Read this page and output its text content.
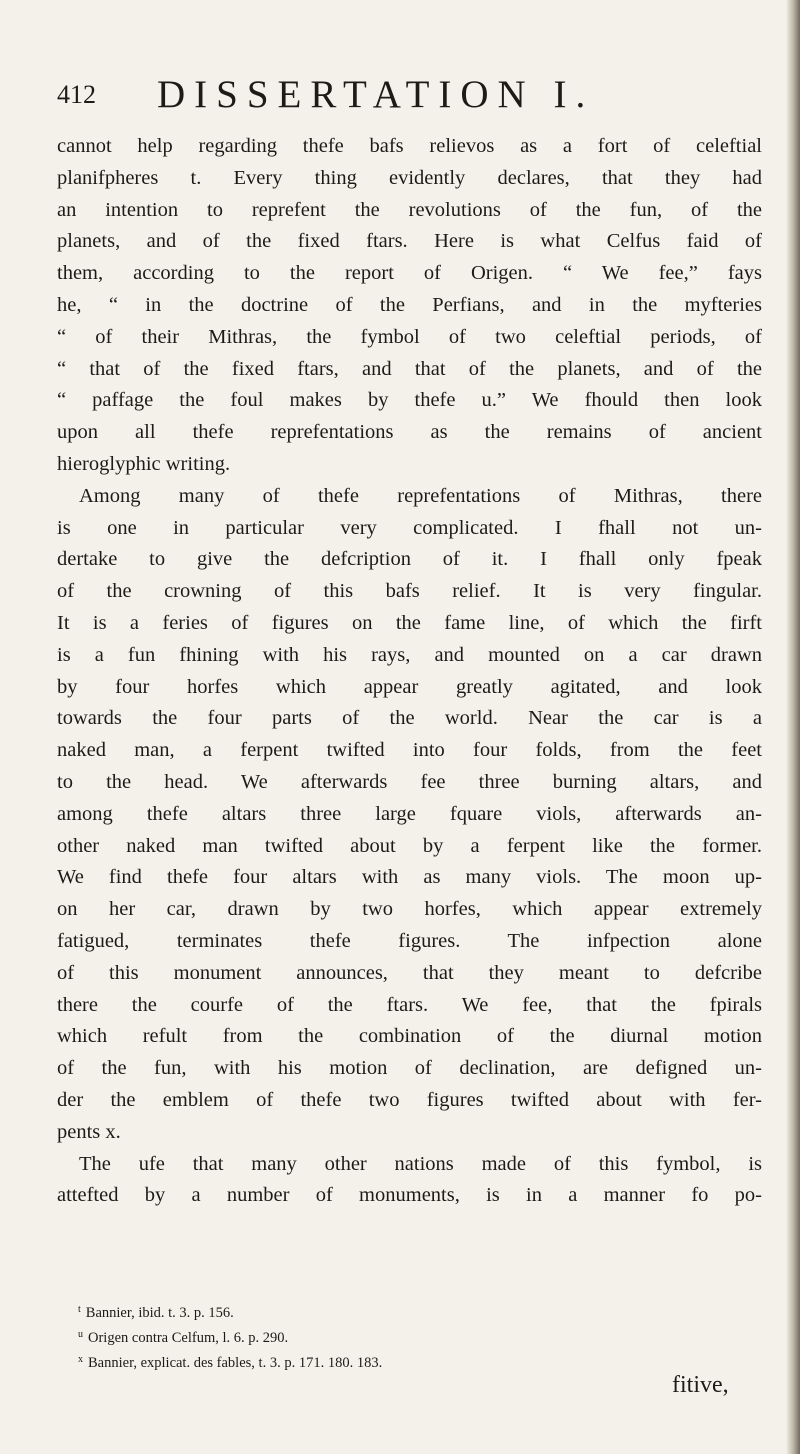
412 DISSERTATION I.
cannot help regarding thefe bafs relievos as a fort of celeftial
planifpheres t. Every thing evidently declares, that they had
an intention to reprefent the revolutions of the fun, of the
planets, and of the fixed ftars. Here is what Celfus faid of
them, according to the report of Origen. “ We fee,” fays
he, “ in the doctrine of the Perfians, and in the myfteries
“ of their Mithras, the fymbol of two celeftial periods, of
“ that of the fixed ftars, and that of the planets, and of the
“ paffage the foul makes by thefe u.” We fhould then look
upon all thefe reprefentations as the remains of ancient
hieroglyphic writing.
Among many of thefe reprefentations of Mithras, there
is one in particular very complicated. I fhall not un-
dertake to give the defcription of it. I fhall only fpeak
of the crowning of this bafs relief. It is very fingular.
It is a feries of figures on the fame line, of which the firft
is a fun fhining with his rays, and mounted on a car drawn
by four horfes which appear greatly agitated, and look
towards the four parts of the world. Near the car is a
naked man, a ferpent twifted into four folds, from the feet
to the head. We afterwards fee three burning altars, and
among thefe altars three large fquare viols, afterwards an-
other naked man twifted about by a ferpent like the former.
We find thefe four altars with as many viols. The moon up-
on her car, drawn by two horfes, which appear extremely
fatigued, terminates thefe figures. The infpection alone
of this monument announces, that they meant to defcribe
there the courfe of the ftars. We fee, that the fpirals
which refult from the combination of the diurnal motion
of the fun, with his motion of declination, are defigned un-
der the emblem of thefe two figures twifted about with fer-
pents x.
The ufe that many other nations made of this fymbol, is
attefted by a number of monuments, is in a manner fo po-
$^t$ Bannier, ibid. t. 3. p. 156.
$^u$ Origen contra Celfum, l. 6. p. 290.
$^x$ Bannier, explicat. des fables, t. 3. p. 171. 180. 183.
fitive,
